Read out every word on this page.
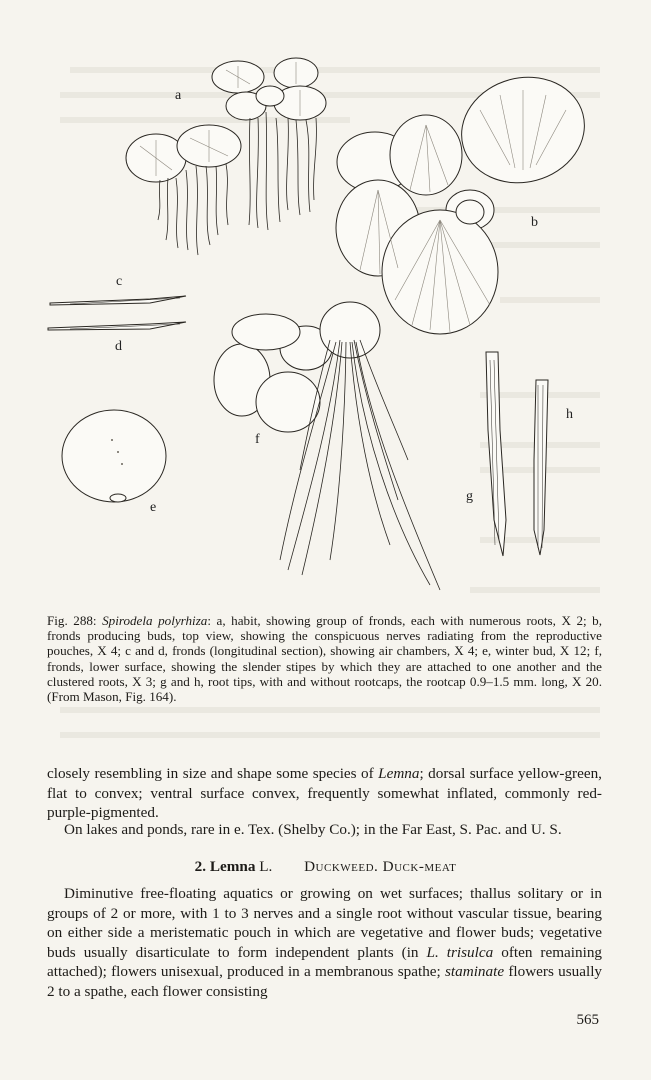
a
b
c
d
e
f
g
h

Fig. 288: Spirodela polyrhiza: a, habit, showing group of fronds, each with numerous roots, X 2; b, fronds producing buds, top view, showing the conspicuous nerves radiating from the reproductive pouches, X 4; c and d, fronds (longitudinal section), showing air chambers, X 4; e, winter bud, X 12; f, fronds, lower surface, showing the slender stipes by which they are attached to one another and the clustered roots, X 3; g and h, root tips, with and without rootcaps, the rootcap 0.9–1.5 mm. long, X 20. (From Mason, Fig. 164).

closely resembling in size and shape some species of Lemna; dorsal surface yellow-green, flat to convex; ventral surface convex, frequently somewhat inflated, commonly red-purple-pigmented.

On lakes and ponds, rare in e. Tex. (Shelby Co.); in the Far East, S. Pac. and U. S.

2. Lemna L. Duckweed. Duck-meat

Diminutive free-floating aquatics or growing on wet surfaces; thallus solitary or in groups of 2 or more, with 1 to 3 nerves and a single root without vascular tissue, bearing on either side a meristematic pouch in which are vegetative and flower buds; vegetative buds usually disarticulate to form independent plants (in L. trisulca often remaining attached); flowers unisexual, produced in a membranous spathe; staminate flowers usually 2 to a spathe, each flower consisting

565
